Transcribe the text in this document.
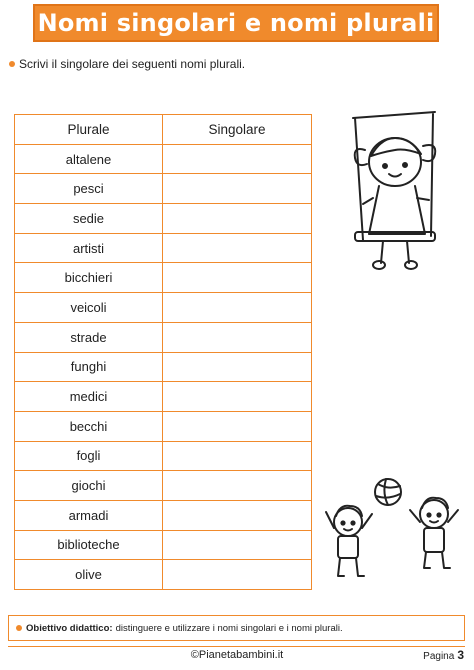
Nomi singolari e nomi plurali
Scrivi il singolare dei seguenti nomi plurali.
Plurale	Singolare
altalene	
pesci	
sedie	
artisti	
bicchieri	
veicoli	
strade	
funghi	
medici	
becchi	
fogli	
giochi	
armadi	
biblioteche	
olive	
Obiettivo didattico: distinguere e utilizzare i nomi singolari e i nomi plurali.
©Pianetabambini.it	Pagina 3
